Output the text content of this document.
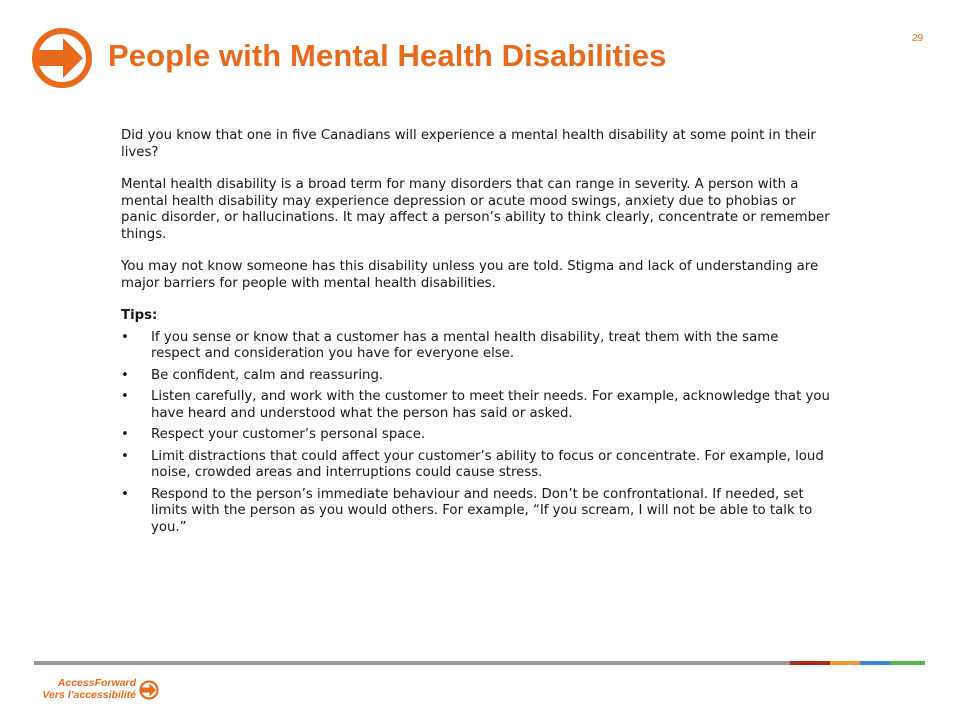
People with Mental Health Disabilities	29

Did you know that one in five Canadians will experience a mental health disability at some point in their lives?

Mental health disability is a broad term for many disorders that can range in severity. A person with a mental health disability may experience depression or acute mood swings, anxiety due to phobias or panic disorder, or hallucinations. It may affect a person’s ability to think clearly, concentrate or remember things.

You may not know someone has this disability unless you are told. Stigma and lack of understanding are major barriers for people with mental health disabilities.

Tips:
• If you sense or know that a customer has a mental health disability, treat them with the same respect and consideration you have for everyone else.
• Be confident, calm and reassuring.
• Listen carefully, and work with the customer to meet their needs. For example, acknowledge that you have heard and understood what the person has said or asked.
• Respect your customer’s personal space.
• Limit distractions that could affect your customer’s ability to focus or concentrate. For example, loud noise, crowded areas and interruptions could cause stress.
• Respond to the person’s immediate behaviour and needs. Don’t be confrontational. If needed, set limits with the person as you would others. For example, “If you scream, I will not be able to talk to you.”
AccessForward
Vers l’accessibilité
